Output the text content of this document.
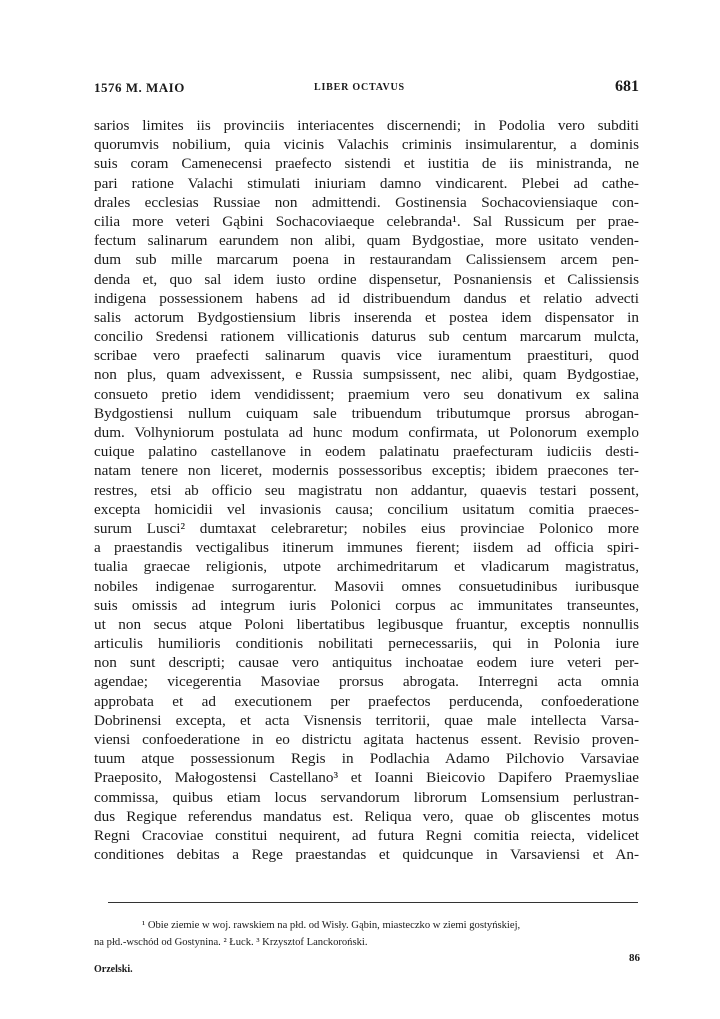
1576 M. MAIO	LIBER OCTAVUS	681
sarios limites iis provinciis interiacentes discernendi; in Podolia vero subditi
quorumvis nobilium, quia vicinis Valachis criminis insimularentur, a dominis
suis coram Camenecensi praefecto sistendi et iustitia de iis ministranda, ne
pari ratione Valachi stimulati iniuriam damno vindicarent. Plebei ad cathe-
drales ecclesias Russiae non admittendi. Gostinensia Sochacoviensiaque con-
cilia more veteri Gąbini Sochacoviaeque celebranda¹. Sal Russicum per prae-
fectum salinarum earundem non alibi, quam Bydgostiae, more usitato venden-
dum sub mille marcarum poena in restaurandam Calissiensem arcem pen-
denda et, quo sal idem iusto ordine dispensetur, Posnaniensis et Calissiensis
indigena possessionem habens ad id distribuendum dandus et relatio advecti
salis actorum Bydgostiensium libris inserenda et postea idem dispensator in
concilio Sredensi rationem villicationis daturus sub centum marcarum mulcta,
scribae vero praefecti salinarum quavis vice iuramentum praestituri, quod
non plus, quam advexissent, e Russia sumpsissent, nec alibi, quam Bydgostiae,
consueto pretio idem vendidissent; praemium vero seu donativum ex salina
Bydgostiensi nullum cuiquam sale tribuendum tributumque prorsus abrogan-
dum. Volhyniorum postulata ad hunc modum confirmata, ut Polonorum exemplo
cuique palatino castellanove in eodem palatinatu praefecturam iudiciis desti-
natam tenere non liceret, modernis possessoribus exceptis; ibidem praecones ter-
restres, etsi ab officio seu magistratu non addantur, quaevis testari possent,
excepta homicidii vel invasionis causa; concilium usitatum comitia praeces-
surum Lusci² dumtaxat celebraretur; nobiles eius provinciae Polonico more
a praestandis vectigalibus itinerum immunes fierent; iisdem ad officia spiri-
tualia graecae religionis, utpote archimedritarum et vladicarum magistratus,
nobiles indigenae surrogarentur. Masovii omnes consuetudinibus iuribusque
suis omissis ad integrum iuris Polonici corpus ac immunitates transeuntes,
ut non secus atque Poloni libertatibus legibusque fruantur, exceptis nonnullis
articulis humilioris conditionis nobilitati pernecessariis, qui in Polonia iure
non sunt descripti; causae vero antiquitus inchoatae eodem iure veteri per-
agendae; vicegerentia Masoviae prorsus abrogata. Interregni acta omnia
approbata et ad executionem per praefectos perducenda, confoederatione
Dobrinensi excepta, et acta Visnensis territorii, quae male intellecta Varsa-
viensi confoederatione in eo districtu agitata hactenus essent. Revisio proven-
tuum atque possessionum Regis in Podlachia Adamo Pilchovio Varsaviae
Praeposito, Małogostensi Castellano³ et Ioanni Bieicovio Dapifero Praemysliae
commissa, quibus etiam locus servandorum librorum Lomsensium perlustran-
dus Regique referendus mandatus est. Reliqua vero, quae ob gliscentes motus
Regni Cracoviae constitui nequirent, ad futura Regni comitia reiecta, videlicet
conditiones debitas a Rege praestandas et quidcunque in Varsaviensi et An-
¹ Obie ziemie w woj. rawskiem na płd. od Wisły. Gąbin, miasteczko w ziemi gostyńskiej,
na płd.-wschód od Gostynina. ² Łuck. ³ Krzysztof Lanckoroński.
86
Orzelski.
